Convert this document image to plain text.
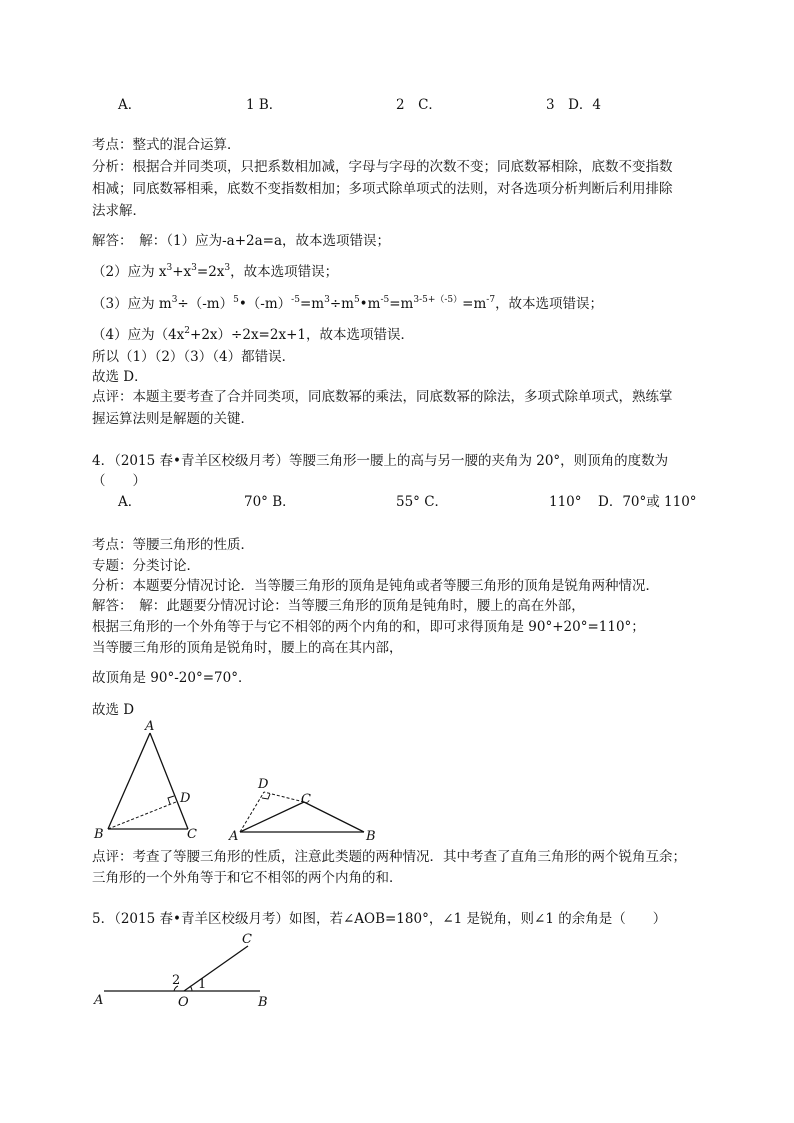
A．	1 B．	2　C．	3　D．4
考点：整式的混合运算．
分析：根据合并同类项，只把系数相加减，字母与字母的次数不变；同底数幂相除，底数不变指数
相减；同底数幂相乘，底数不变指数相加；多项式除单项式的法则，对各选项分析判断后利用排除
法求解．
解答：　解：（1）应为-a+2a=a，故本选项错误；
（2）应为 $x^3+x^3=2x^3$，故本选项错误；
（3）应为 $m^3\div(-m)^5•(-m)^{-5}=m^3\div m^5•m^{-5}=m^{3-5+(-5)}=m^{-7}$，故本选项错误；
（4）应为$(4x^2+2x)\div 2x=2x+1$，故本选项错误．
所以（1）（2）（3）（4）都错误．
故选 D．
点评：本题主要考查了合并同类项，同底数幂的乘法，同底数幂的除法，多项式除单项式，熟练掌
握运算法则是解题的关键．
4．（2015 春•青羊区校级月考）等腰三角形一腰上的高与另一腰的夹角为 20°，则顶角的度数为
（　　）
A．	70° B．	55° C．	110° D．70°或 110°
考点：等腰三角形的性质．
专题：分类讨论．
分析：本题要分情况讨论．当等腰三角形的顶角是钝角或者等腰三角形的顶角是锐角两种情况．
解答：　解：此题要分情况讨论：当等腰三角形的顶角是钝角时，腰上的高在外部，
根据三角形的一个外角等于与它不相邻的两个内角的和，即可求得顶角是 90°+20°=110°；
当等腰三角形的顶角是锐角时，腰上的高在其内部，
故顶角是 90°-20°=70°．
故选 D
A
D
B	C
D
C
A	B
点评：考查了等腰三角形的性质，注意此类题的两种情况．其中考查了直角三角形的两个锐角互余；
三角形的一个外角等于和它不相邻的两个内角的和．
5．（2015 春•青羊区校级月考）如图，若∠AOB=180°，∠1 是锐角，则∠1 的余角是（　　）
C
2 1
A	O	B
